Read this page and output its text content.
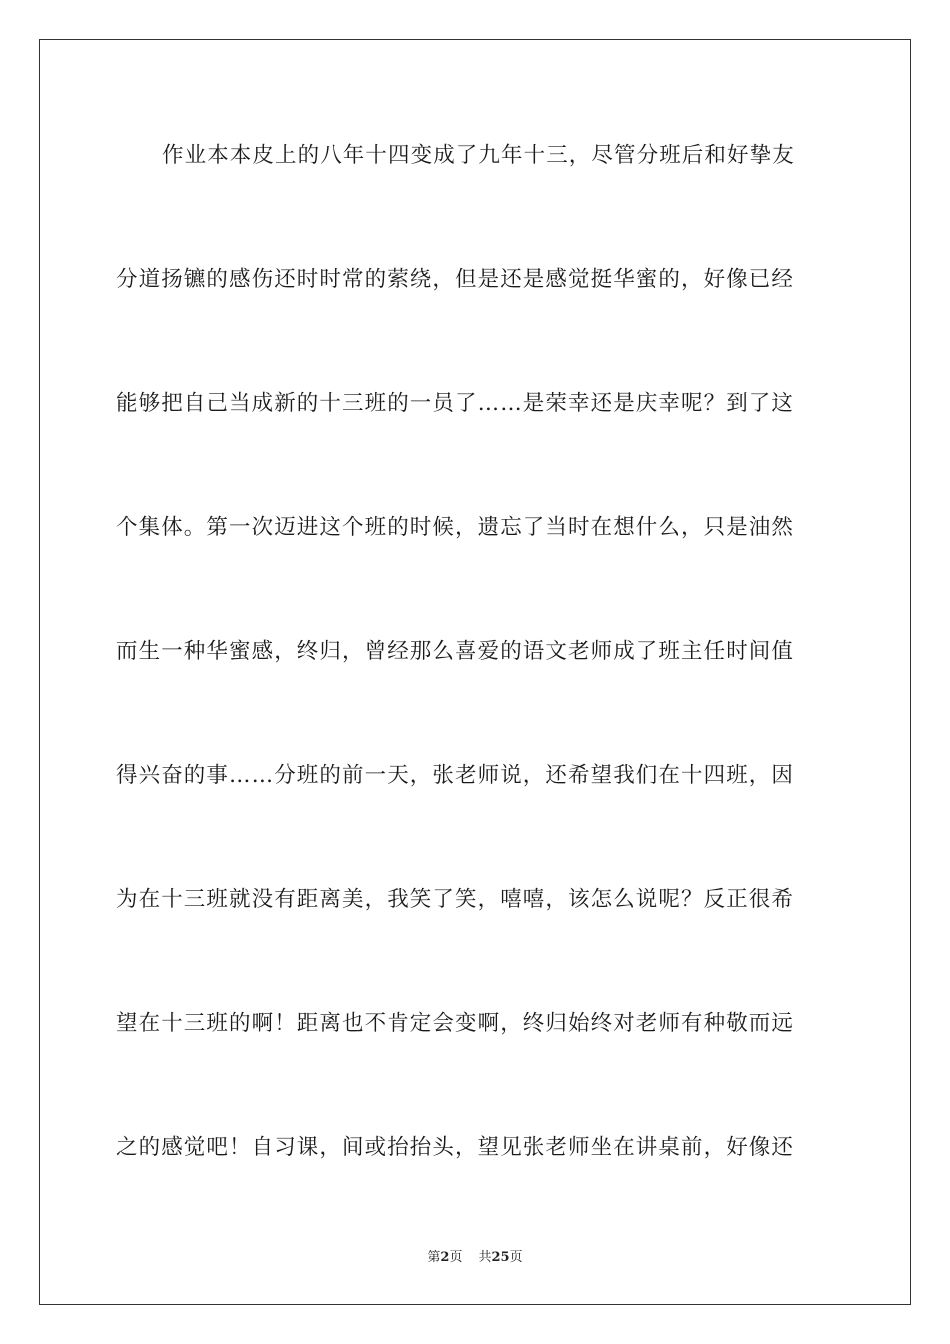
作业本本皮上的八年十四变成了九年十三，尽管分班后和好挚友
分道扬镳的感伤还时时常的萦绕，但是还是感觉挺华蜜的，好像已经
能够把自己当成新的十三班的一员了……是荣幸还是庆幸呢？到了这
个集体。第一次迈进这个班的时候，遗忘了当时在想什么，只是油然
而生一种华蜜感，终归，曾经那么喜爱的语文老师成了班主任时间值
得兴奋的事……分班的前一天，张老师说，还希望我们在十四班，因
为在十三班就没有距离美，我笑了笑，嘻嘻，该怎么说呢？反正很希
望在十三班的啊！距离也不肯定会变啊，终归始终对老师有种敬而远
之的感觉吧！自习课，间或抬抬头，望见张老师坐在讲桌前，好像还
第2页 共25页
